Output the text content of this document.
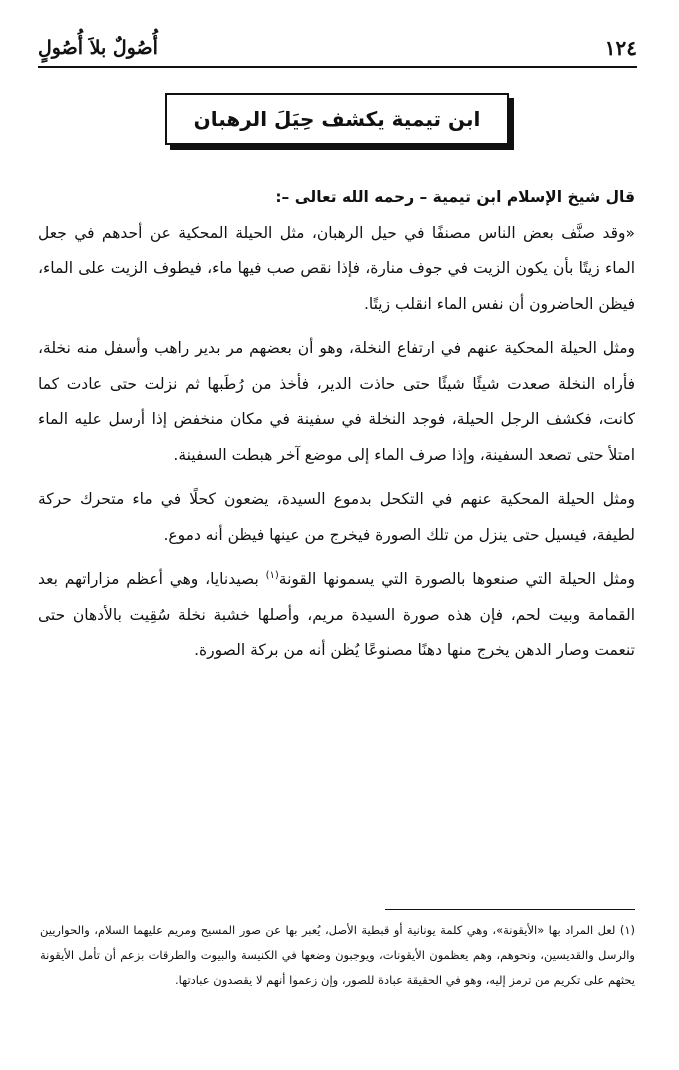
١٢٤
أُصُولٌ بلاَ أُصُولٍ
ابن تيمية يكشف حِيَلَ الرهبان

قال شيخ الإسلام ابن تيمية – رحمه الله تعالى –:

«وقد صنَّف بعض الناس مصنفًا في حيل الرهبان، مثل الحيلة المحكية عن أحدهم في جعل الماء زيتًا بأن يكون الزيت في جوف منارة، فإذا نقص صب فيها ماء، فيطوف الزيت على الماء، فيظن الحاضرون أن نفس الماء انقلب زيتًا.

ومثل الحيلة المحكية عنهم في ارتفاع النخلة، وهو أن بعضهم مر بدير راهب وأسفل منه نخلة، فأراه النخلة صعدت شيئًا شيئًا حتى حاذت الدير، فأخذ من رُطَبها ثم نزلت حتى عادت كما كانت، فكشف الرجل الحيلة، فوجد النخلة في سفينة في مكان منخفض إذا أرسل عليه الماء امتلأ حتى تصعد السفينة، وإذا صرف الماء إلى موضع آخر هبطت السفينة.

ومثل الحيلة المحكية عنهم في التكحل بدموع السيدة، يضعون كحلًا في ماء متحرك حركة لطيفة، فيسيل حتى ينزل من تلك الصورة فيخرج من عينها فيظن أنه دموع.

ومثل الحيلة التي صنعوها بالصورة التي يسمونها القونة$^{(١)}$ بصيدنايا، وهي أعظم مزاراتهم بعد القمامة وبيت لحم، فإن هذه صورة السيدة مريم، وأصلها خشبة نخلة سُقِيت بالأدهان حتى تنعمت وصار الدهن يخرج منها دهنًا مصنوعًا يُظن أنه من بركة الصورة.

(١) لعل المراد بها «الأيقونة»، وهي كلمة يونانية أو قبطية الأصل، يُعبر بها عن صور المسيح ومريم عليهما السلام، والحواريين والرسل والقديسين، ونحوهم، وهم يعظمون الأيقونات، ويوجبون وضعها في الكنيسة والبيوت والطرقات بزعم أن تأمل الأيقونة يحثهم على تكريم من ترمز إليه، وهو في الحقيقة عبادة للصور، وإن زعموا أنهم لا يقصدون عبادتها.
